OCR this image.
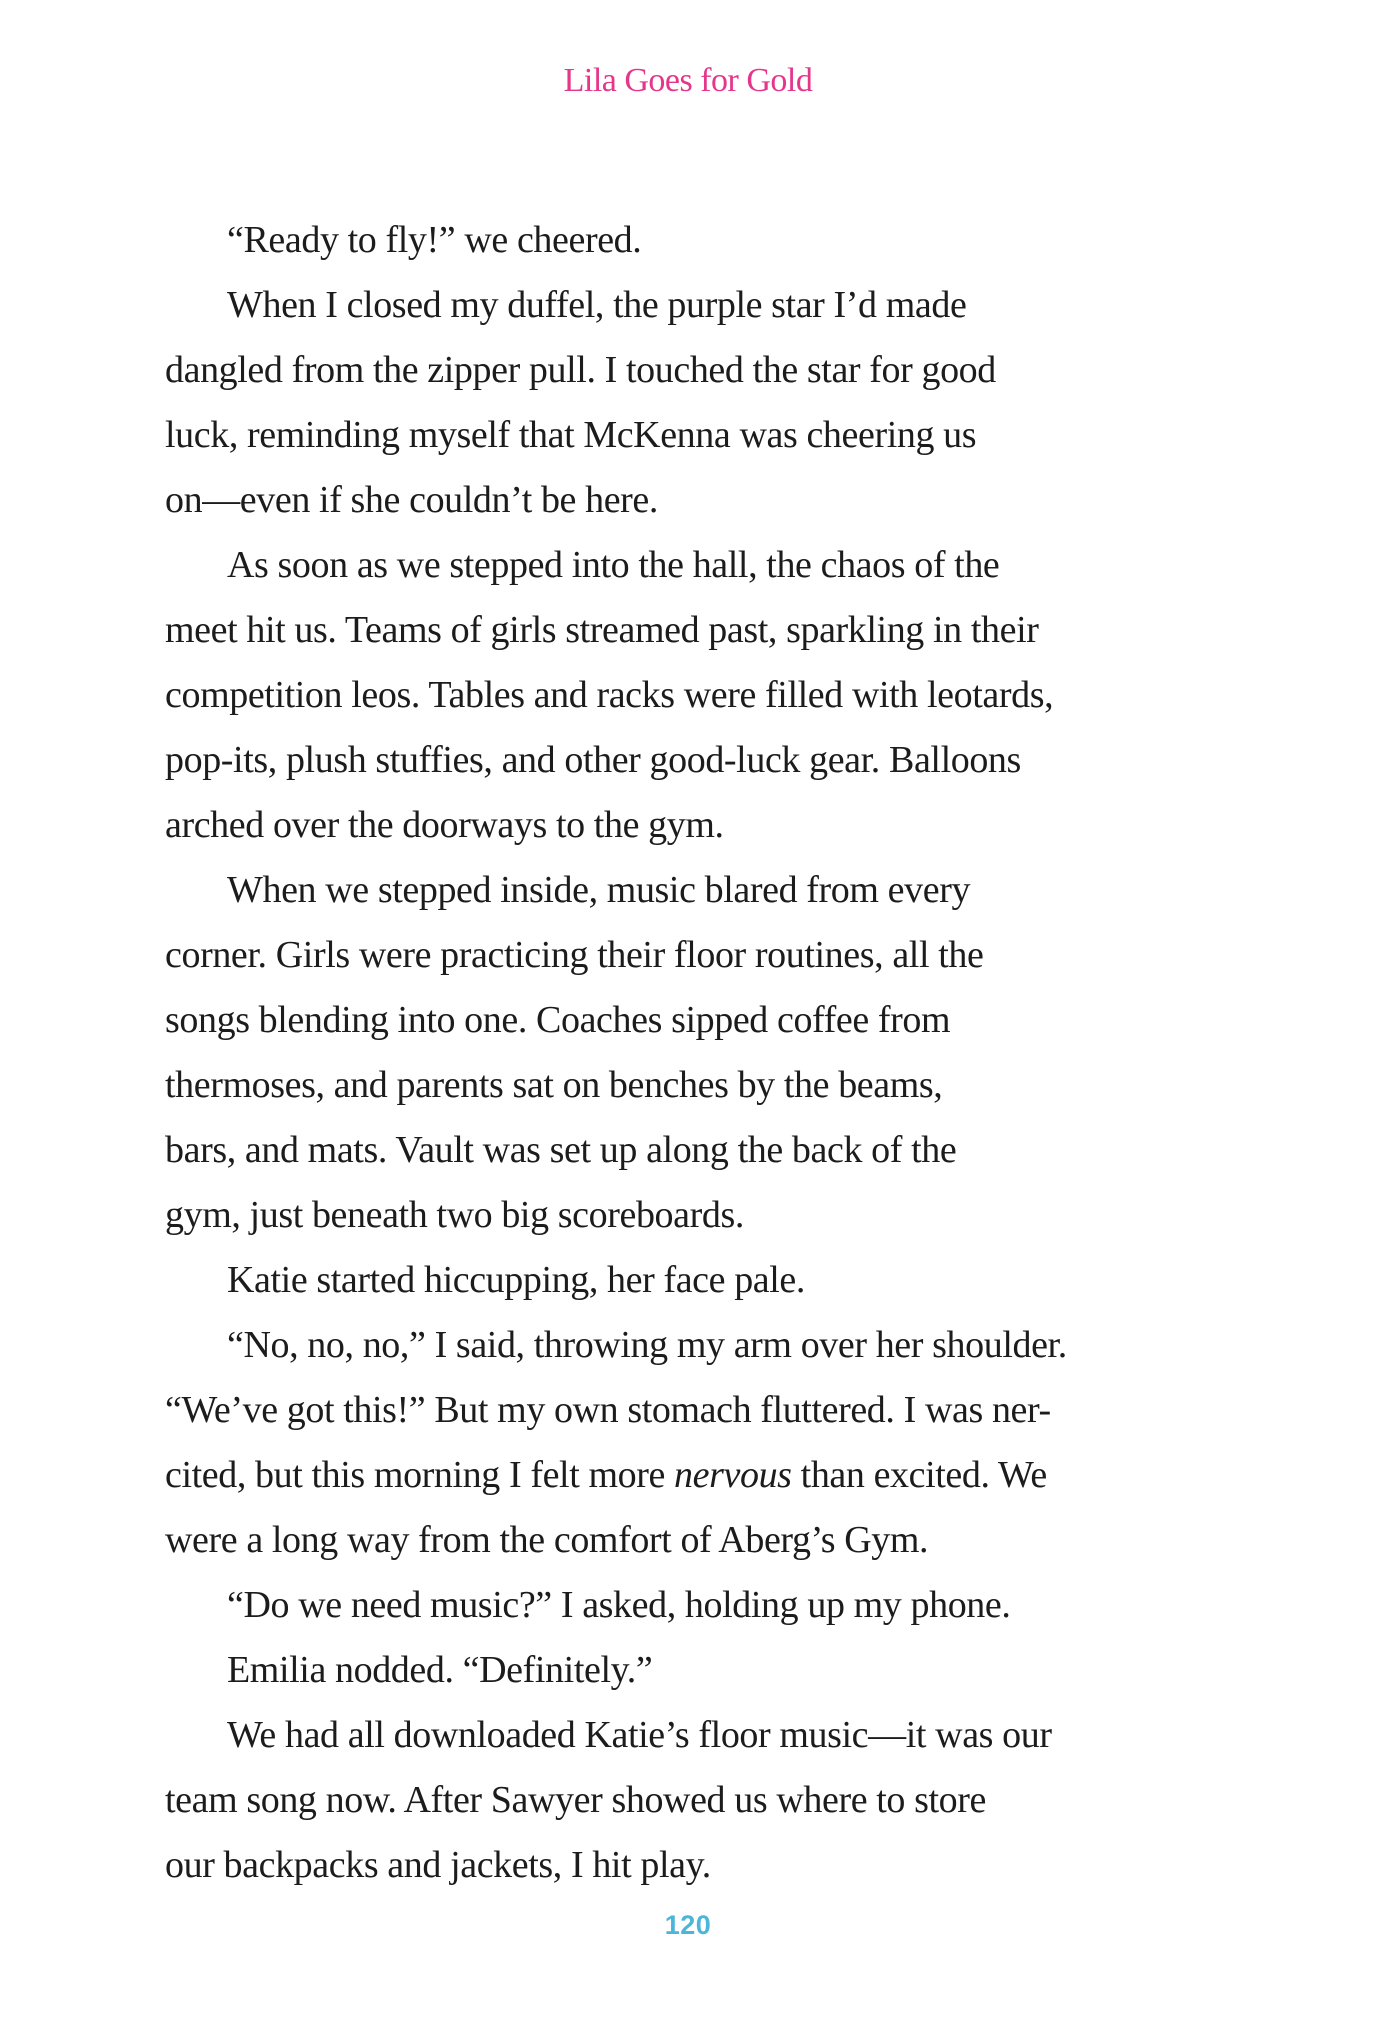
Lila Goes for Gold
“Ready to fly!” we cheered.
When I closed my duffel, the purple star I’d made
dangled from the zipper pull. I touched the star for good
luck, reminding myself that McKenna was cheering us
on—even if she couldn’t be here.
As soon as we stepped into the hall, the chaos of the
meet hit us. Teams of girls streamed past, sparkling in their
competition leos. Tables and racks were filled with leotards,
pop-its, plush stuffies, and other good-luck gear. Balloons
arched over the doorways to the gym.
When we stepped inside, music blared from every
corner. Girls were practicing their floor routines, all the
songs blending into one. Coaches sipped coffee from
thermoses, and parents sat on benches by the beams,
bars, and mats. Vault was set up along the back of the
gym, just beneath two big scoreboards.
Katie started hiccupping, her face pale.
“No, no, no,” I said, throwing my arm over her shoulder.
“We’ve got this!” But my own stomach fluttered. I was ner-
cited, but this morning I felt more nervous than excited. We
were a long way from the comfort of Aberg’s Gym.
“Do we need music?” I asked, holding up my phone.
Emilia nodded. “Definitely.”
We had all downloaded Katie’s floor music—it was our
team song now. After Sawyer showed us where to store
our backpacks and jackets, I hit play.
120
